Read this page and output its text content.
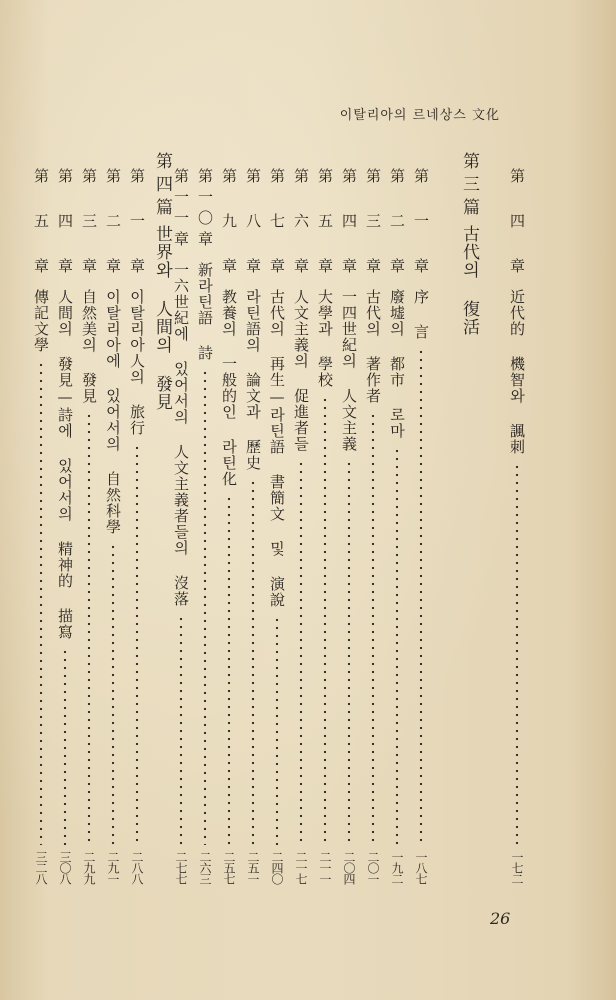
이탈리아의 르네상스 文化
第 四 章近代的 機智와 諷刺
一七二
第三篇古代의 復活
第 一 章序 言
一八七
第 二 章廢墟의 都市 로마
一九二
第 三 章古代의 著作者
二〇一
第 四 章一四世紀의 人文主義
二〇四
第 五 章大學과 學校
二一一
第 六 章人文主義의 促進者들
二一七
第 七 章古代의 再生—라틴語 書簡文 및 演說
二四〇
第 八 章라틴語의 論文과 歷史
二五一
第 九 章教養의 一般的인 라틴化
二五七
第一〇章新라틴語 詩
二六三
第一一章一六世紀에 있어서의 人文主義者들의 沒落
二七七
第四篇世界와 人間의 發見
第 一 章이탈리아人의 旅行
二八八
第 二 章이탈리아에 있어서의 自然科學
二九一
第 三 章自然美의 發見
二九九
第 四 章人間의 發見—詩에 있어서의 精神的 描寫
三〇八
第 五 章傳記文學
三二八
26
